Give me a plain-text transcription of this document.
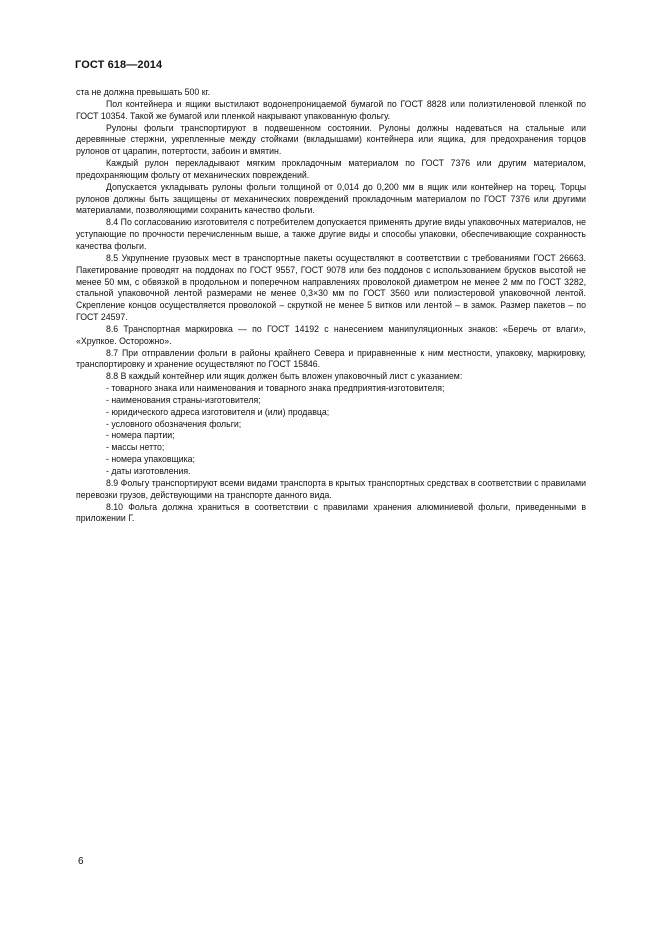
ГОСТ 618—2014

ста не должна превышать 500 кг.

Пол контейнера и ящики выстилают водонепроницаемой бумагой по ГОСТ 8828 или полиэтиленовой пленкой по ГОСТ 10354. Такой же бумагой или пленкой накрывают упакованную фольгу.

Рулоны фольги транспортируют в подвешенном состоянии. Рулоны должны надеваться на стальные или деревянные стержни, укрепленные между стойками (вкладышами) контейнера или ящика, для предохранения торцов рулонов от царапин, потертости, забоин и вмятин.

Каждый рулон перекладывают мягким прокладочным материалом по ГОСТ 7376 или другим материалом, предохраняющим фольгу от механических повреждений.

Допускается укладывать рулоны фольги толщиной от 0,014 до 0,200 мм в ящик или контейнер на торец. Торцы рулонов должны быть защищены от механических повреждений прокладочным материалом по ГОСТ 7376 или другими материалами, позволяющими сохранить качество фольги.

8.4 По согласованию изготовителя с потребителем допускается применять другие виды упаковочных материалов, не уступающие по прочности перечисленным выше, а также другие виды и способы упаковки, обеспечивающие сохранность качества фольги.

8.5 Укрупнение грузовых мест в транспортные пакеты осуществляют в соответствии с требованиями ГОСТ 26663. Пакетирование проводят на поддонах по ГОСТ 9557, ГОСТ 9078 или без поддонов с использованием брусков высотой не менее 50 мм, с обвязкой в продольном и поперечном направлениях проволокой диаметром не менее 2 мм по ГОСТ 3282, стальной упаковочной лентой размерами не менее 0,3×30 мм по ГОСТ 3560 или полиэстеровой упаковочной лентой. Скрепление концов осуществляется проволокой – скруткой не менее 5 витков или лентой – в замок. Размер пакетов – по ГОСТ 24597.

8.6 Транспортная маркировка — по ГОСТ 14192 с нанесением манипуляционных знаков: «Беречь от влаги», «Хрупкое. Осторожно».

8.7 При отправлении фольги в районы крайнего Севера и приравненные к ним местности, упаковку, маркировку, транспортировку и хранение осуществляют по ГОСТ 15846.

8.8 В каждый контейнер или ящик должен быть вложен упаковочный лист с указанием:

- товарного знака или наименования и товарного знака предприятия-изготовителя;

- наименования страны-изготовителя;

- юридического адреса изготовителя и (или) продавца;

- условного обозначения фольги;

- номера партии;

- массы нетто;

- номера упаковщика;

- даты изготовления.

8.9 Фольгу транспортируют всеми видами транспорта в крытых транспортных средствах в соответствии с правилами перевозки грузов, действующими на транспорте данного вида.

8.10 Фольга должна храниться в соответствии с правилами хранения алюминиевой фольги, приведенными в приложении Г.

6
